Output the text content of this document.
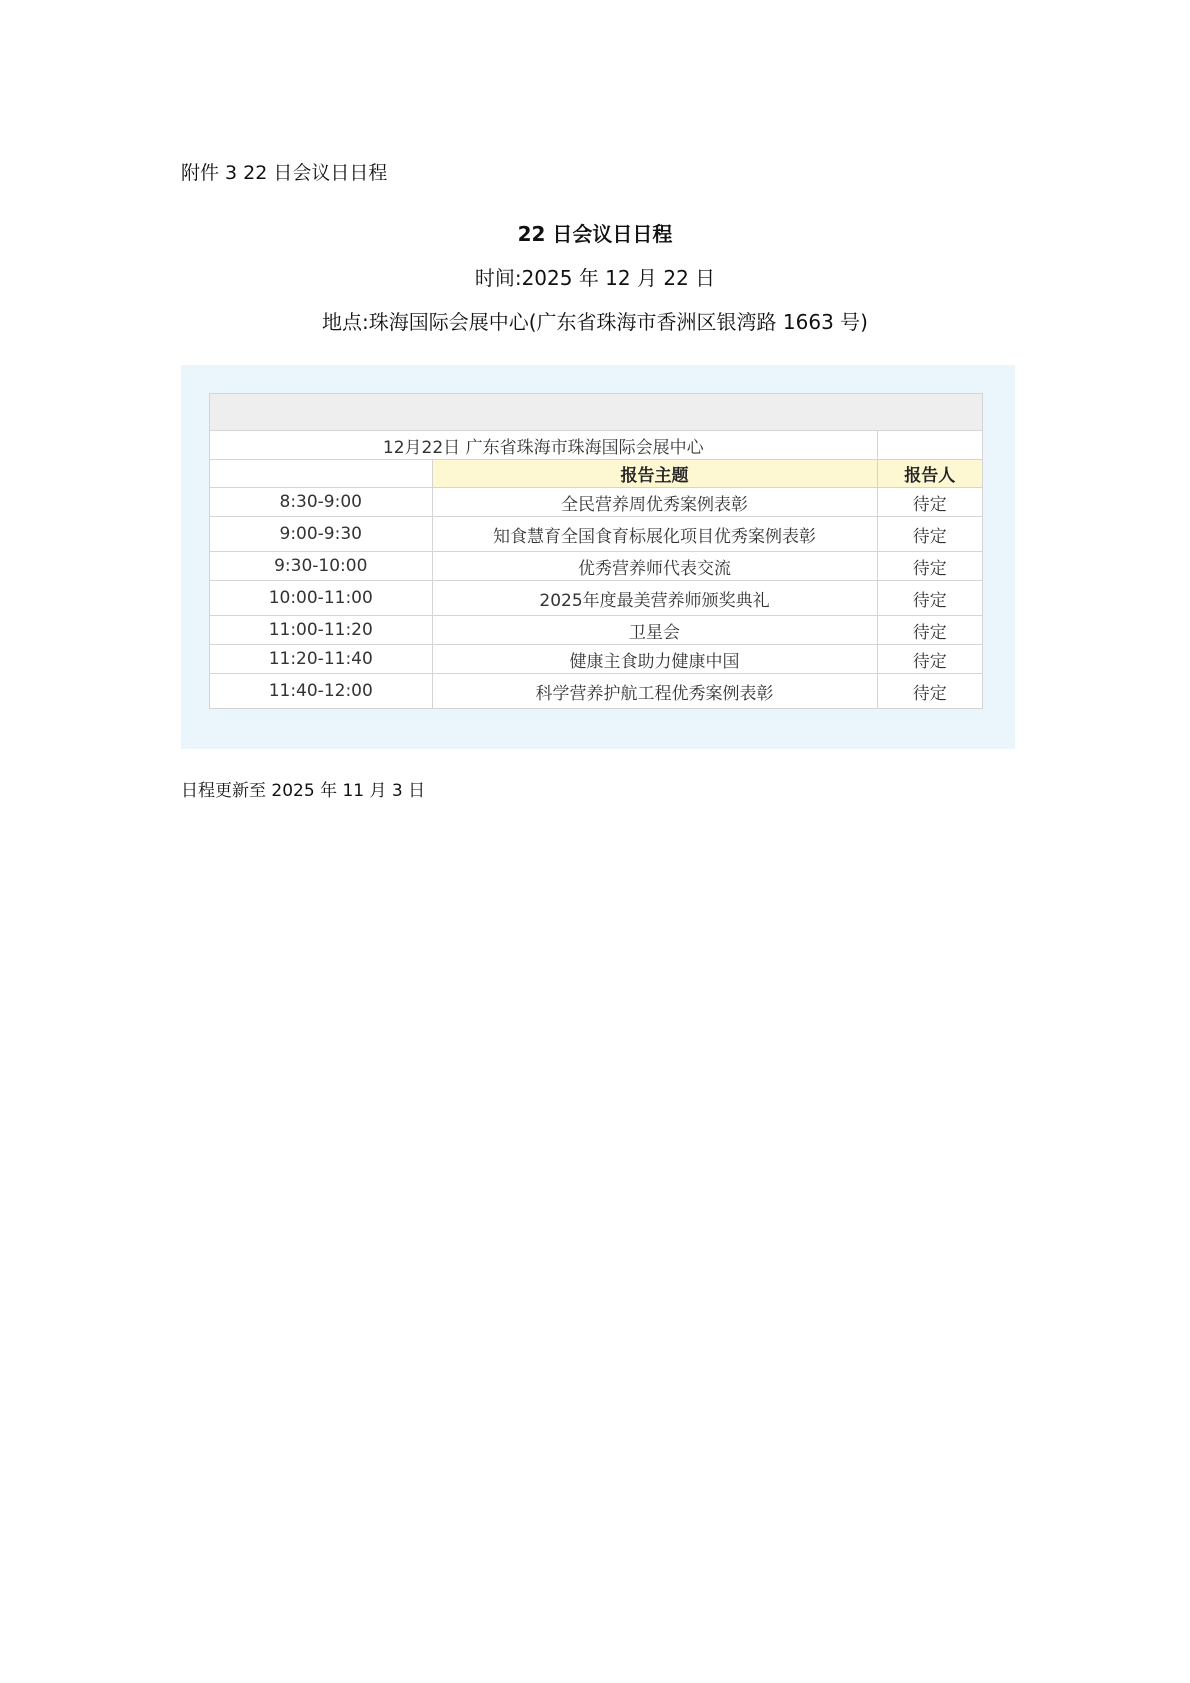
附件 3 22 日会议日日程
22 日会议日日程
时间:2025 年 12 月 22 日
地点:珠海国际会展中心(广东省珠海市香洲区银湾路 1663 号)
12月22日 广东省珠海市珠海国际会展中心		
	报告主题	报告人
8:30-9:00	全民营养周优秀案例表彰	待定
9:00-9:30	知食慧育全国食育标展化项目优秀案例表彰	待定
9:30-10:00	优秀营养师代表交流	待定
10:00-11:00	2025年度最美营养师颁奖典礼	待定
11:00-11:20	卫星会	待定
11:20-11:40	健康主食助力健康中国	待定
11:40-12:00	科学营养护航工程优秀案例表彰	待定
日程更新至 2025 年 11 月 3 日
